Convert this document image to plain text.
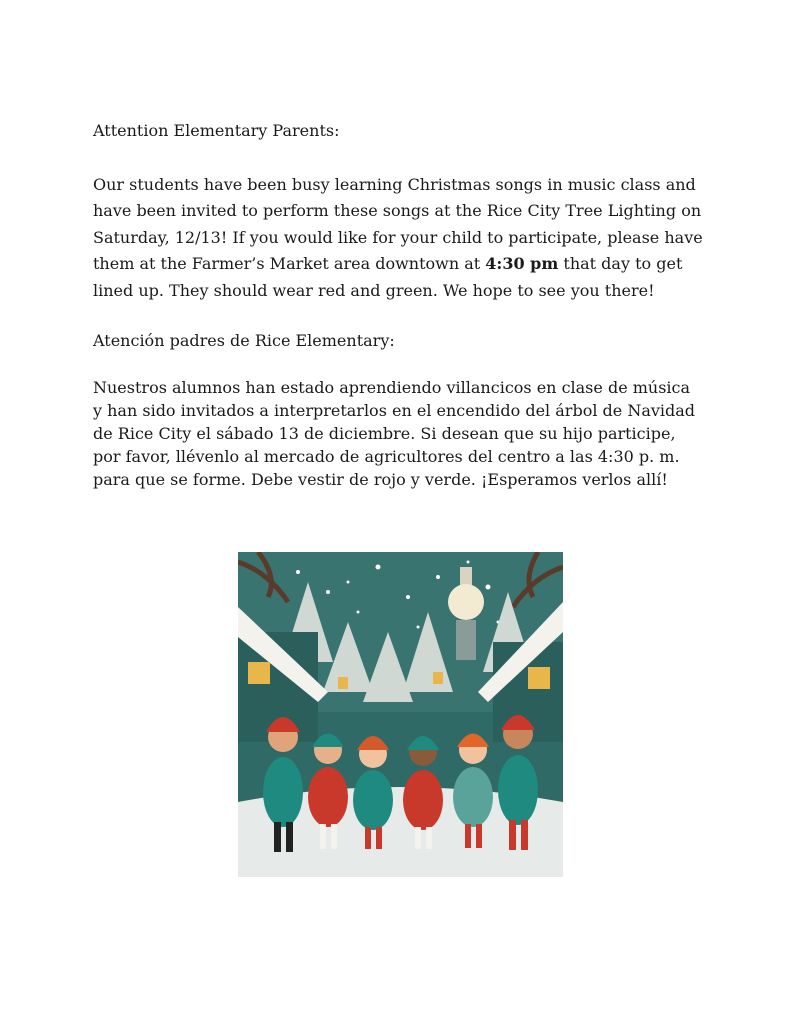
Attention Elementary Parents:
Our students have been busy learning Christmas songs in music class and have been invited to perform these songs at the Rice City Tree Lighting on Saturday, 12/13! If you would like for your child to participate, please have them at the Farmer’s Market area downtown at 4:30 pm that day to get lined up. They should wear red and green. We hope to see you there!
Atención padres de Rice Elementary:
Nuestros alumnos han estado aprendiendo villancicos en clase de música y han sido invitados a interpretarlos en el encendido del árbol de Navidad de Rice City el sábado 13 de diciembre. Si desean que su hijo participe, por favor, llévenlo al mercado de agricultores del centro a las 4:30 p. m. para que se forme. Debe vestir de rojo y verde. ¡Esperamos verlos allí!
